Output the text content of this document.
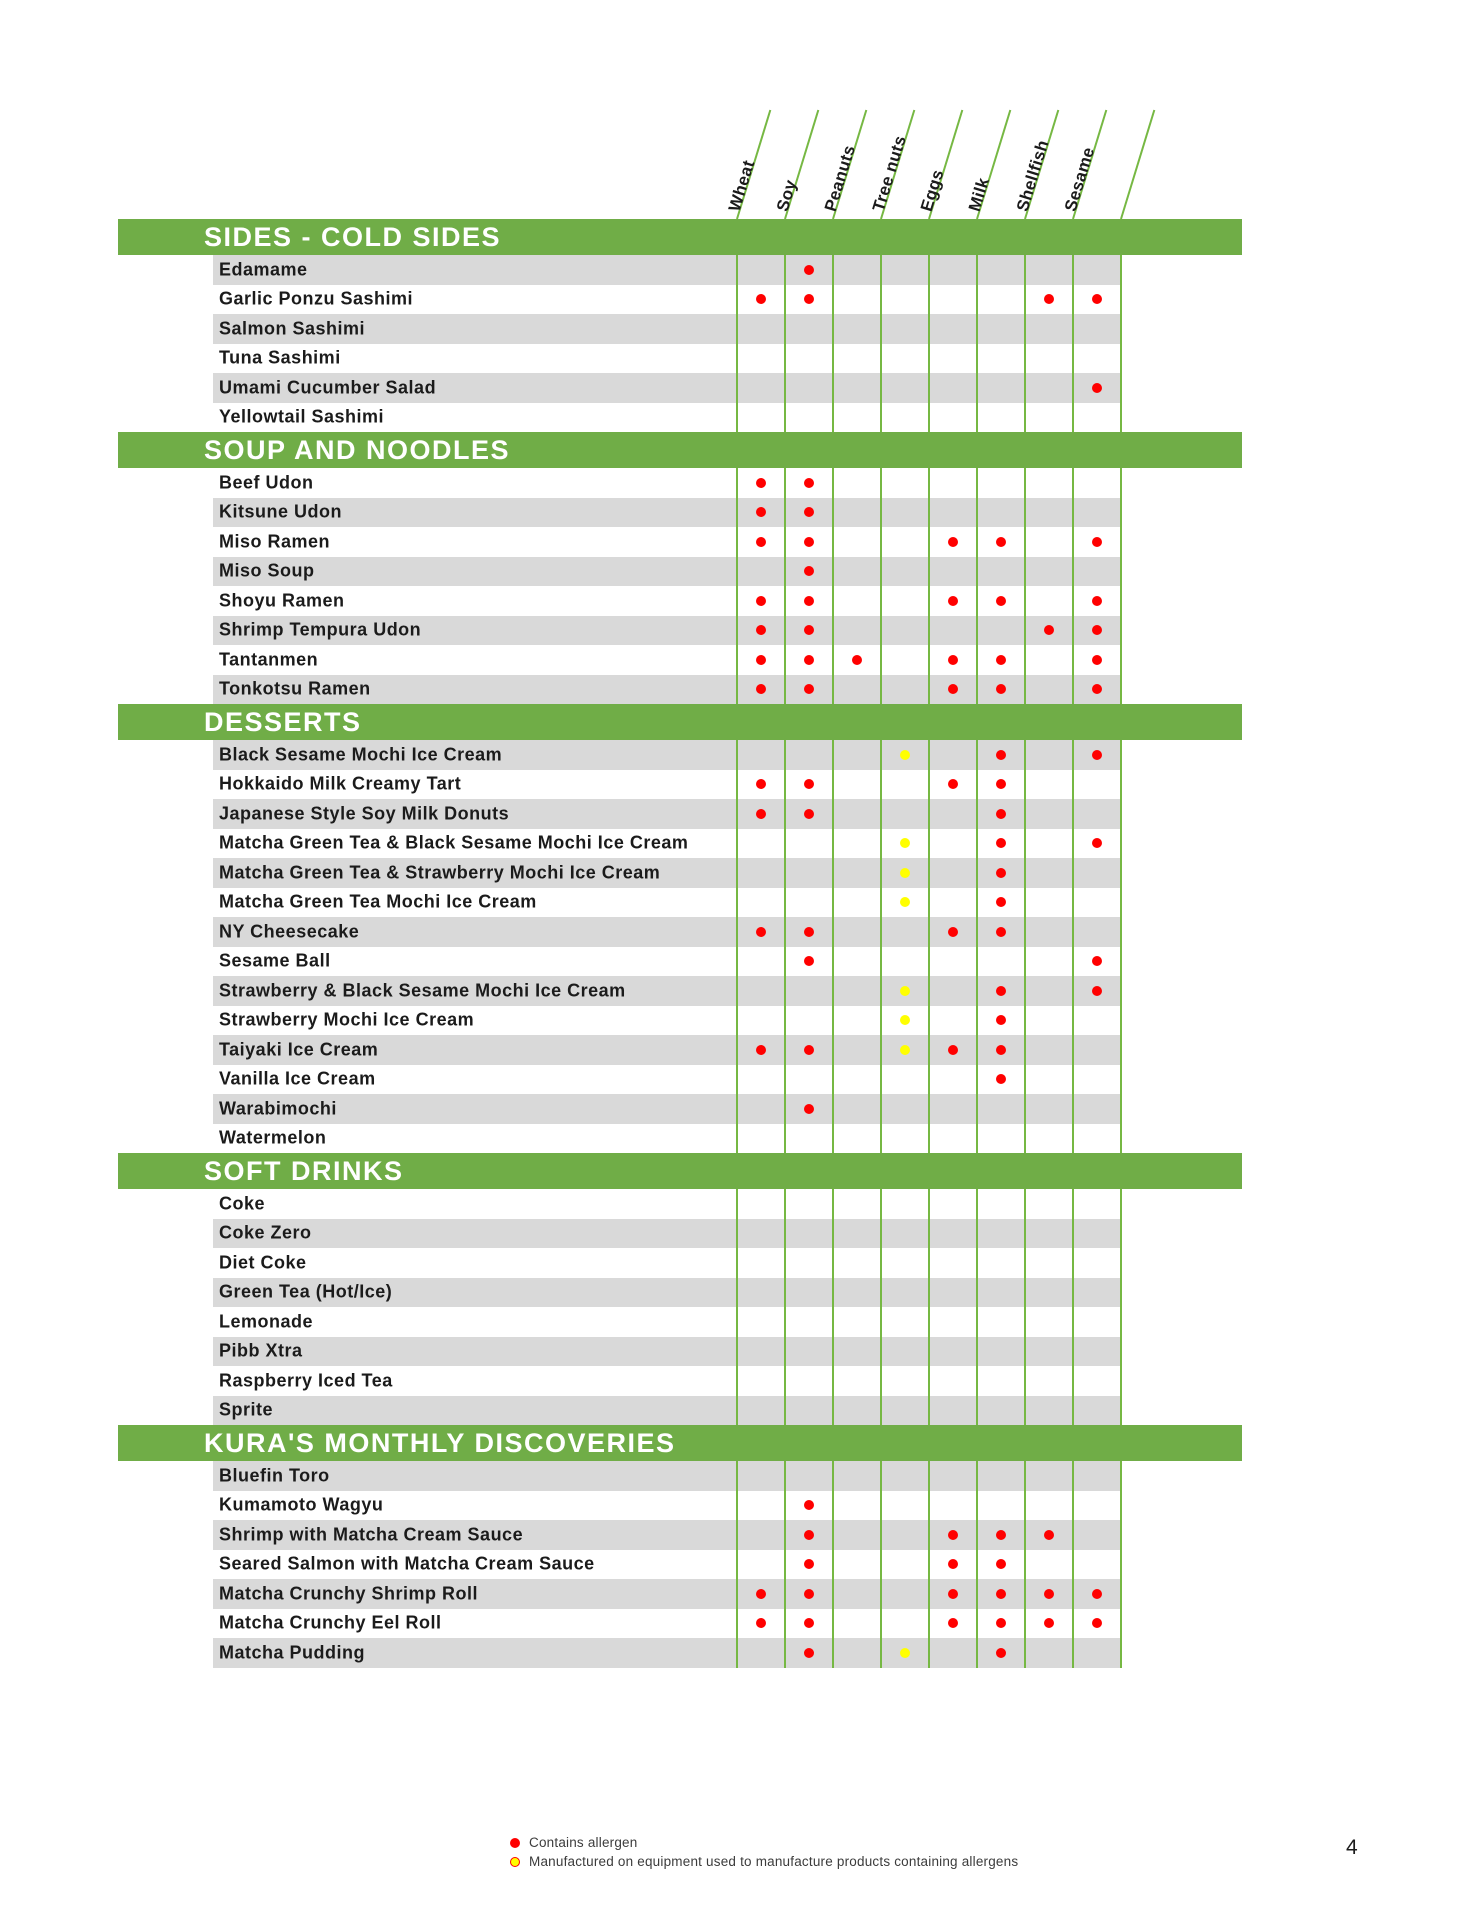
Wheat Soy Peanuts Tree nuts Eggs Milk Shellfish Sesame
SIDES - COLD SIDES
Edamame
Garlic Ponzu Sashimi
Salmon Sashimi
Tuna Sashimi
Umami Cucumber Salad
Yellowtail Sashimi
SOUP AND NOODLES
Beef Udon
Kitsune Udon
Miso Ramen
Miso Soup
Shoyu Ramen
Shrimp Tempura Udon
Tantanmen
Tonkotsu Ramen
DESSERTS
Black Sesame Mochi Ice Cream
Hokkaido Milk Creamy Tart
Japanese Style Soy Milk Donuts
Matcha Green Tea & Black Sesame Mochi Ice Cream
Matcha Green Tea & Strawberry Mochi Ice Cream
Matcha Green Tea Mochi Ice Cream
NY Cheesecake
Sesame Ball
Strawberry & Black Sesame Mochi Ice Cream
Strawberry Mochi Ice Cream
Taiyaki Ice Cream
Vanilla Ice Cream
Warabimochi
Watermelon
SOFT DRINKS
Coke
Coke Zero
Diet Coke
Green Tea (Hot/Ice)
Lemonade
Pibb Xtra
Raspberry Iced Tea
Sprite
KURA'S MONTHLY DISCOVERIES
Bluefin Toro
Kumamoto Wagyu
Shrimp with Matcha Cream Sauce
Seared Salmon with Matcha Cream Sauce
Matcha Crunchy Shrimp Roll
Matcha Crunchy Eel Roll
Matcha Pudding
Contains allergen
Manufactured on equipment used to manufacture products containing allergens
4
